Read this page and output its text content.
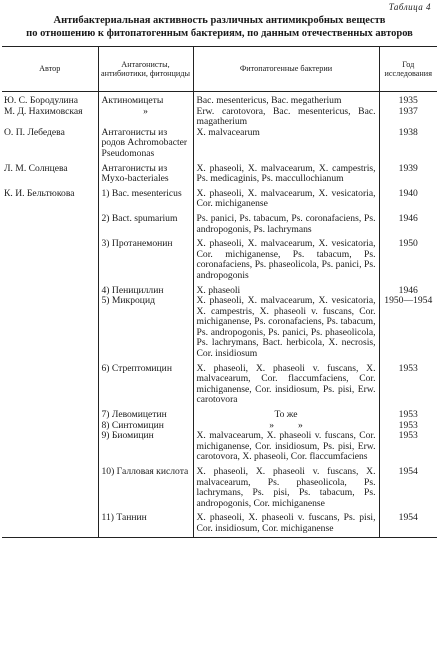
Таблица 4
Антибактериальная активность различных антимикробных веществ
по отношению к фитопатогенным бактериям, по данным отечественных авторов
Автор	Антагонисты, антибиотики, фитонциды	Фитопатогенные бактерии	Год исследования
Ю. С. Бородулина	Актиномицеты	Bac. mesentericus, Bac. megatherium	1935
М. Д. Нахимовская	»	Erw. carotovora, Bac. mesentericus, Bac. magatherium	1937
О. П. Лебедева	Антагонисты из родов Achromobacter Pseudomonas	X. malvacearum	1938
Л. М. Солнцева	Антагонисты из Myxo-bacteriales	X. phaseoli, X. malvacearum, X. campestris, Ps. medicaginis, Ps. maccullochianum	1939
К. И. Бельтюкова	1) Bac. mesentericus	X. phaseoli, X. malvacearum, X. vesicatoria, Cor. michiganense	1940
	2) Bact. spumarium	Ps. panici, Ps. tabacum, Ps. coronafaciens, Ps. andropogonis, Ps. lachrymans	1946
	3) Протанемонин	X. phaseoli, X. malvacearum, X. vesicatoria, Cor. michiganense, Ps. tabacum, Ps. coronafaciens, Ps. phaseolicola, Ps. panici, Ps. andropogonis	1950
	4) Пенициллин	X. phaseoli	1946
	5) Микроцид	X. phaseoli, X. malvacearum, X. vesicatoria, X. campestris, X. phaseoli v. fuscans, Cor. michiganense, Ps. coronafaciens, Ps. tabacum, Ps. andropogonis, Ps. panici, Ps. phaseolicola, Ps. lachrymans, Bact. herbicola, X. necrosis, Cor. insidiosum	1950—1954
	6) Стрептомицин	X. phaseoli, X. phaseoli v. fuscans, X. malvacearum, Cor. flaccumfaciens, Cor. michiganense, Cor. insidiosum, Ps. pisi, Erw. carotovora	1953
	7) Левомицетин	То же	1953
	8) Синтомицин	»          »	1953
	9) Биомицин	X. malvacearum, X. phaseoli v. fuscans, Cor. michiganense, Cor. insidiosum, Ps. pisi, Erw. carotovora, X. phaseoli, Cor. flaccumfaciens	1953
	10) Галловая кислота	X. phaseoli, X. phaseoli v. fuscans, X. malvacearum, Ps. phaseolicola, Ps. lachrymans, Ps. pisi, Ps. tabacum, Ps. andropogonis, Cor. michiganense	1954
	11) Таннин	X. phaseoli, X. phaseoli v. fuscans, Ps. pisi, Cor. insidiosum, Cor. michiganense	1954
